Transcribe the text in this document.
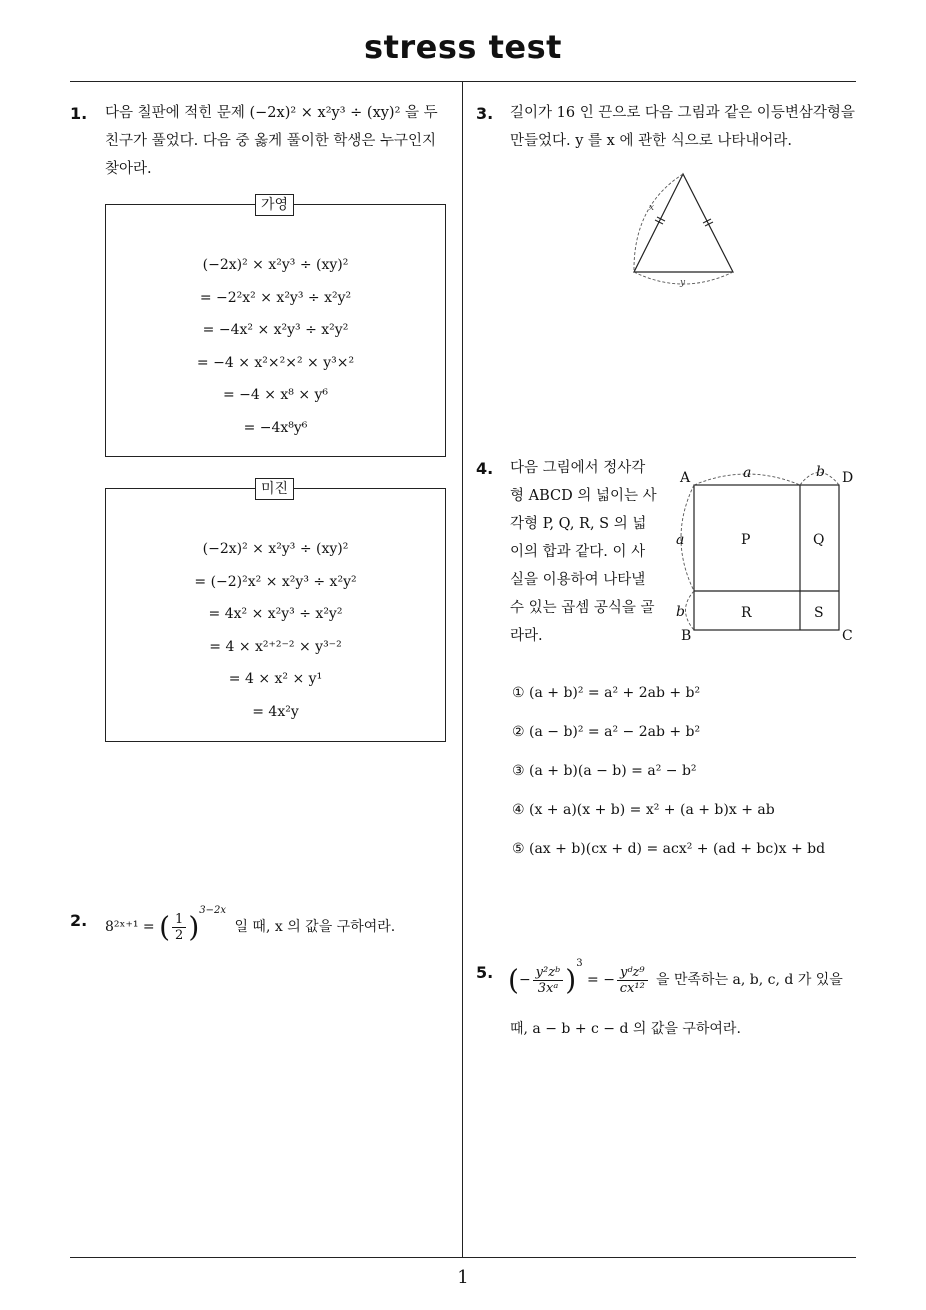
stress test
1
1. 다음 칠판에 적힌 문제 (−2x)² × x²y³ ÷ (xy)² 을 두
친구가 풀었다. 다음 중 옳게 풀이한 학생은 누구인지
찾아라.
(−2x)² × x²y³ ÷ (xy)²
= −2²x² × x²y³ ÷ x²y²
= −4x² × x²y³ ÷ x²y²
= −4 × x²×²×² × y³×²
= −4 × x⁸ × y⁶
= −4x⁸y⁶
가영
(−2x)² × x²y³ ÷ (xy)²
= (−2)²x² × x²y³ ÷ x²y²
= 4x² × x²y³ ÷ x²y²
= 4 × x²⁺²⁻² × y³⁻²
= 4 × x² × y¹
= 4x²y
미진
2. 8²ˣ⁺¹ = ( $\frac{1}{2} )^{3-2x}$ 일 때, x 의 값을 구하여라.
3. 길이가 16 인 끈으로 다음 그림과 같은 이등변삼각형을
만들었다. y 를 x 에 관한 식으로 나타내어라.
x
y
4. 다음 그림에서 정사각
형 ABCD 의 넓이는 사
각형 P, Q, R, S 의 넓
이의 합과 같다. 이 사
실을 이용하여 나타낼
수 있는 곱셈 공식을 골
라라.
A	D
B	C
P	Q
R	S
a	b
a
b
① (a + b)² = a² + 2ab + b²
② (a − b)² = a² − 2ab + b²
③ (a + b)(a − b) = a² − b²
④ (x + a)(x + b) = x² + (a + b)x + ab
⑤ (ax + b)(cx + d) = acx² + (ad + bc)x + bd
5. (− $\frac{\text{y²zᵇ}}{\text{3xᵃ}} )^3$ = − $\frac{\text{yᵈz⁹}}{\text{cx¹²}}$ 을 만족하는 a, b, c, d 가 있을
때, a − b + c − d 의 값을 구하여라.
